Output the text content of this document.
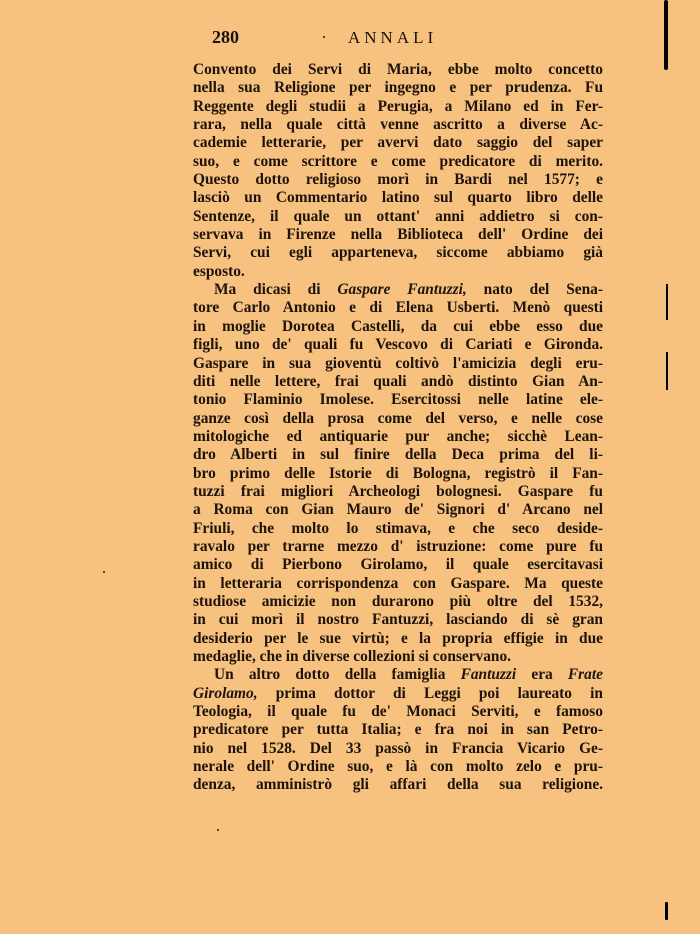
280	ANNALI
Convento dei Servi di Maria, ebbe molto concetto
nella sua Religione per ingegno e per prudenza. Fu
Reggente degli studii a Perugia, a Milano ed in Fer-
rara, nella quale città venne ascritto a diverse Ac-
cademie letterarie, per avervi dato saggio del saper
suo, e come scrittore e come predicatore di merito.
Questo dotto religioso morì in Bardi nel 1577; e
lasciò un Commentario latino sul quarto libro delle
Sentenze, il quale un ottant' anni addietro si con-
servava in Firenze nella Biblioteca dell' Ordine dei
Servi, cui egli apparteneva, siccome abbiamo già
esposto.
Ma dicasi di Gaspare Fantuzzi, nato del Sena-
tore Carlo Antonio e di Elena Usberti. Menò questi
in moglie Dorotea Castelli, da cui ebbe esso due
figli, uno de' quali fu Vescovo di Cariati e Gironda.
Gaspare in sua gioventù coltivò l'amicizia degli eru-
diti nelle lettere, frai quali andò distinto Gian An-
tonio Flaminio Imolese. Esercitossi nelle latine ele-
ganze così della prosa come del verso, e nelle cose
mitologiche ed antiquarie pur anche; sicchè Lean-
dro Alberti in sul finire della Deca prima del li-
bro primo delle Istorie di Bologna, registrò il Fan-
tuzzi frai migliori Archeologi bolognesi. Gaspare fu
a Roma con Gian Mauro de' Signori d' Arcano nel
Friuli, che molto lo stimava, e che seco deside-
ravalo per trarne mezzo d' istruzione: come pure fu
amico di Pierbono Girolamo, il quale esercitavasi
in letteraria corrispondenza con Gaspare. Ma queste
studiose amicizie non durarono più oltre del 1532,
in cui morì il nostro Fantuzzi, lasciando di sè gran
desiderio per le sue virtù; e la propria effigie in due
medaglie, che in diverse collezioni si conservano.
Un altro dotto della famiglia Fantuzzi era Frate
Girolamo, prima dottor di Leggi poi laureato in
Teologia, il quale fu de' Monaci Serviti, e famoso
predicatore per tutta Italia; e fra noi in san Petro-
nio nel 1528. Del 33 passò in Francia Vicario Ge-
nerale dell' Ordine suo, e là con molto zelo e pru-
denza, amministrò gli affari della sua religione.
